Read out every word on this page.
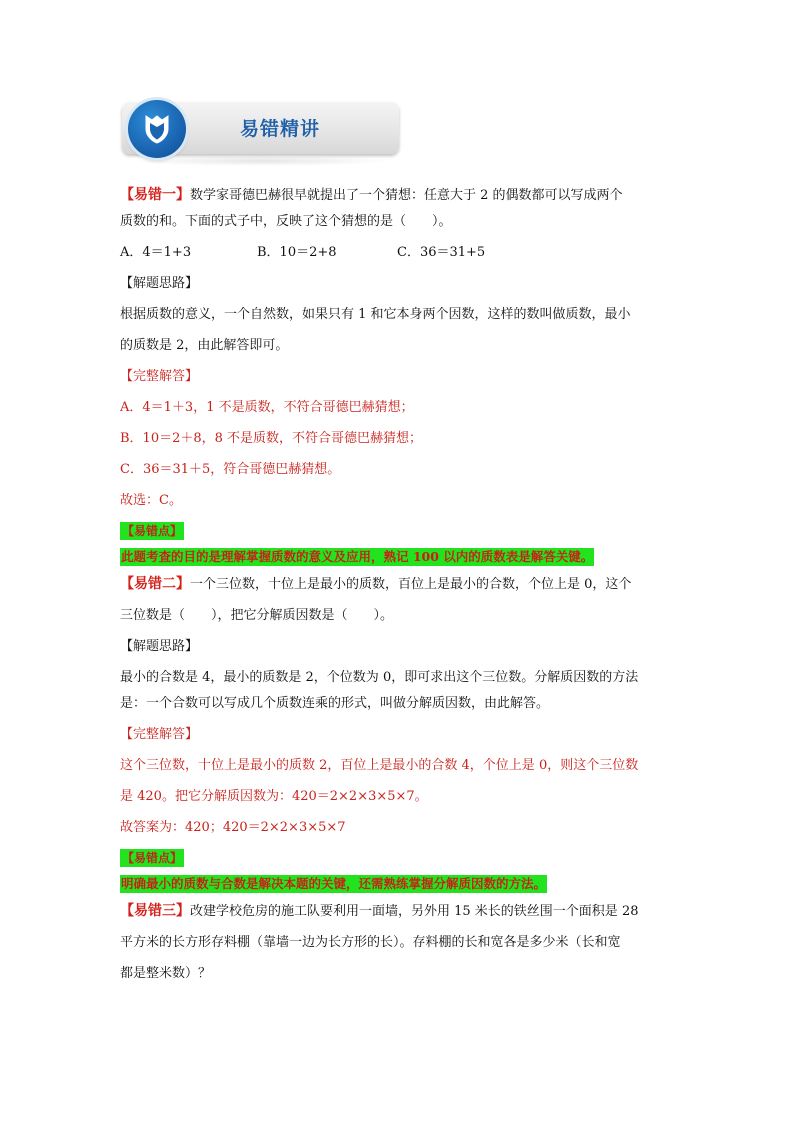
易错精讲

【易错一】数学家哥德巴赫很早就提出了一个猜想：任意大于 2 的偶数都可以写成两个

质数的和。下面的式子中，反映了这个猜想的是（　　）。

A．4＝1+3	B．10＝2+8	C．36＝31+5

【解题思路】

根据质数的意义，一个自然数，如果只有 1 和它本身两个因数，这样的数叫做质数，最小

的质数是 2，由此解答即可。

【完整解答】

A．4＝1＋3，1 不是质数，不符合哥德巴赫猜想；

B．10＝2＋8，8 不是质数，不符合哥德巴赫猜想；

C．36＝31＋5，符合哥德巴赫猜想。

故选：C。

【易错点】

此题考查的目的是理解掌握质数的意义及应用，熟记 100 以内的质数表是解答关键。

【易错二】一个三位数，十位上是最小的质数，百位上是最小的合数，个位上是 0，这个

三位数是（　　），把它分解质因数是（　　）。

【解题思路】

最小的合数是 4，最小的质数是 2，个位数为 0，即可求出这个三位数。分解质因数的方法

是：一个合数可以写成几个质数连乘的形式，叫做分解质因数，由此解答。

【完整解答】

这个三位数，十位上是最小的质数 2，百位上是最小的合数 4，个位上是 0，则这个三位数

是 420。把它分解质因数为：420＝2×2×3×5×7。

故答案为：420；420＝2×2×3×5×7

【易错点】

明确最小的质数与合数是解决本题的关键，还需熟练掌握分解质因数的方法。

【易错三】改建学校危房的施工队要利用一面墙，另外用 15 米长的铁丝围一个面积是 28

平方米的长方形存料棚（靠墙一边为长方形的长）。存料棚的长和宽各是多少米（长和宽

都是整米数）？
